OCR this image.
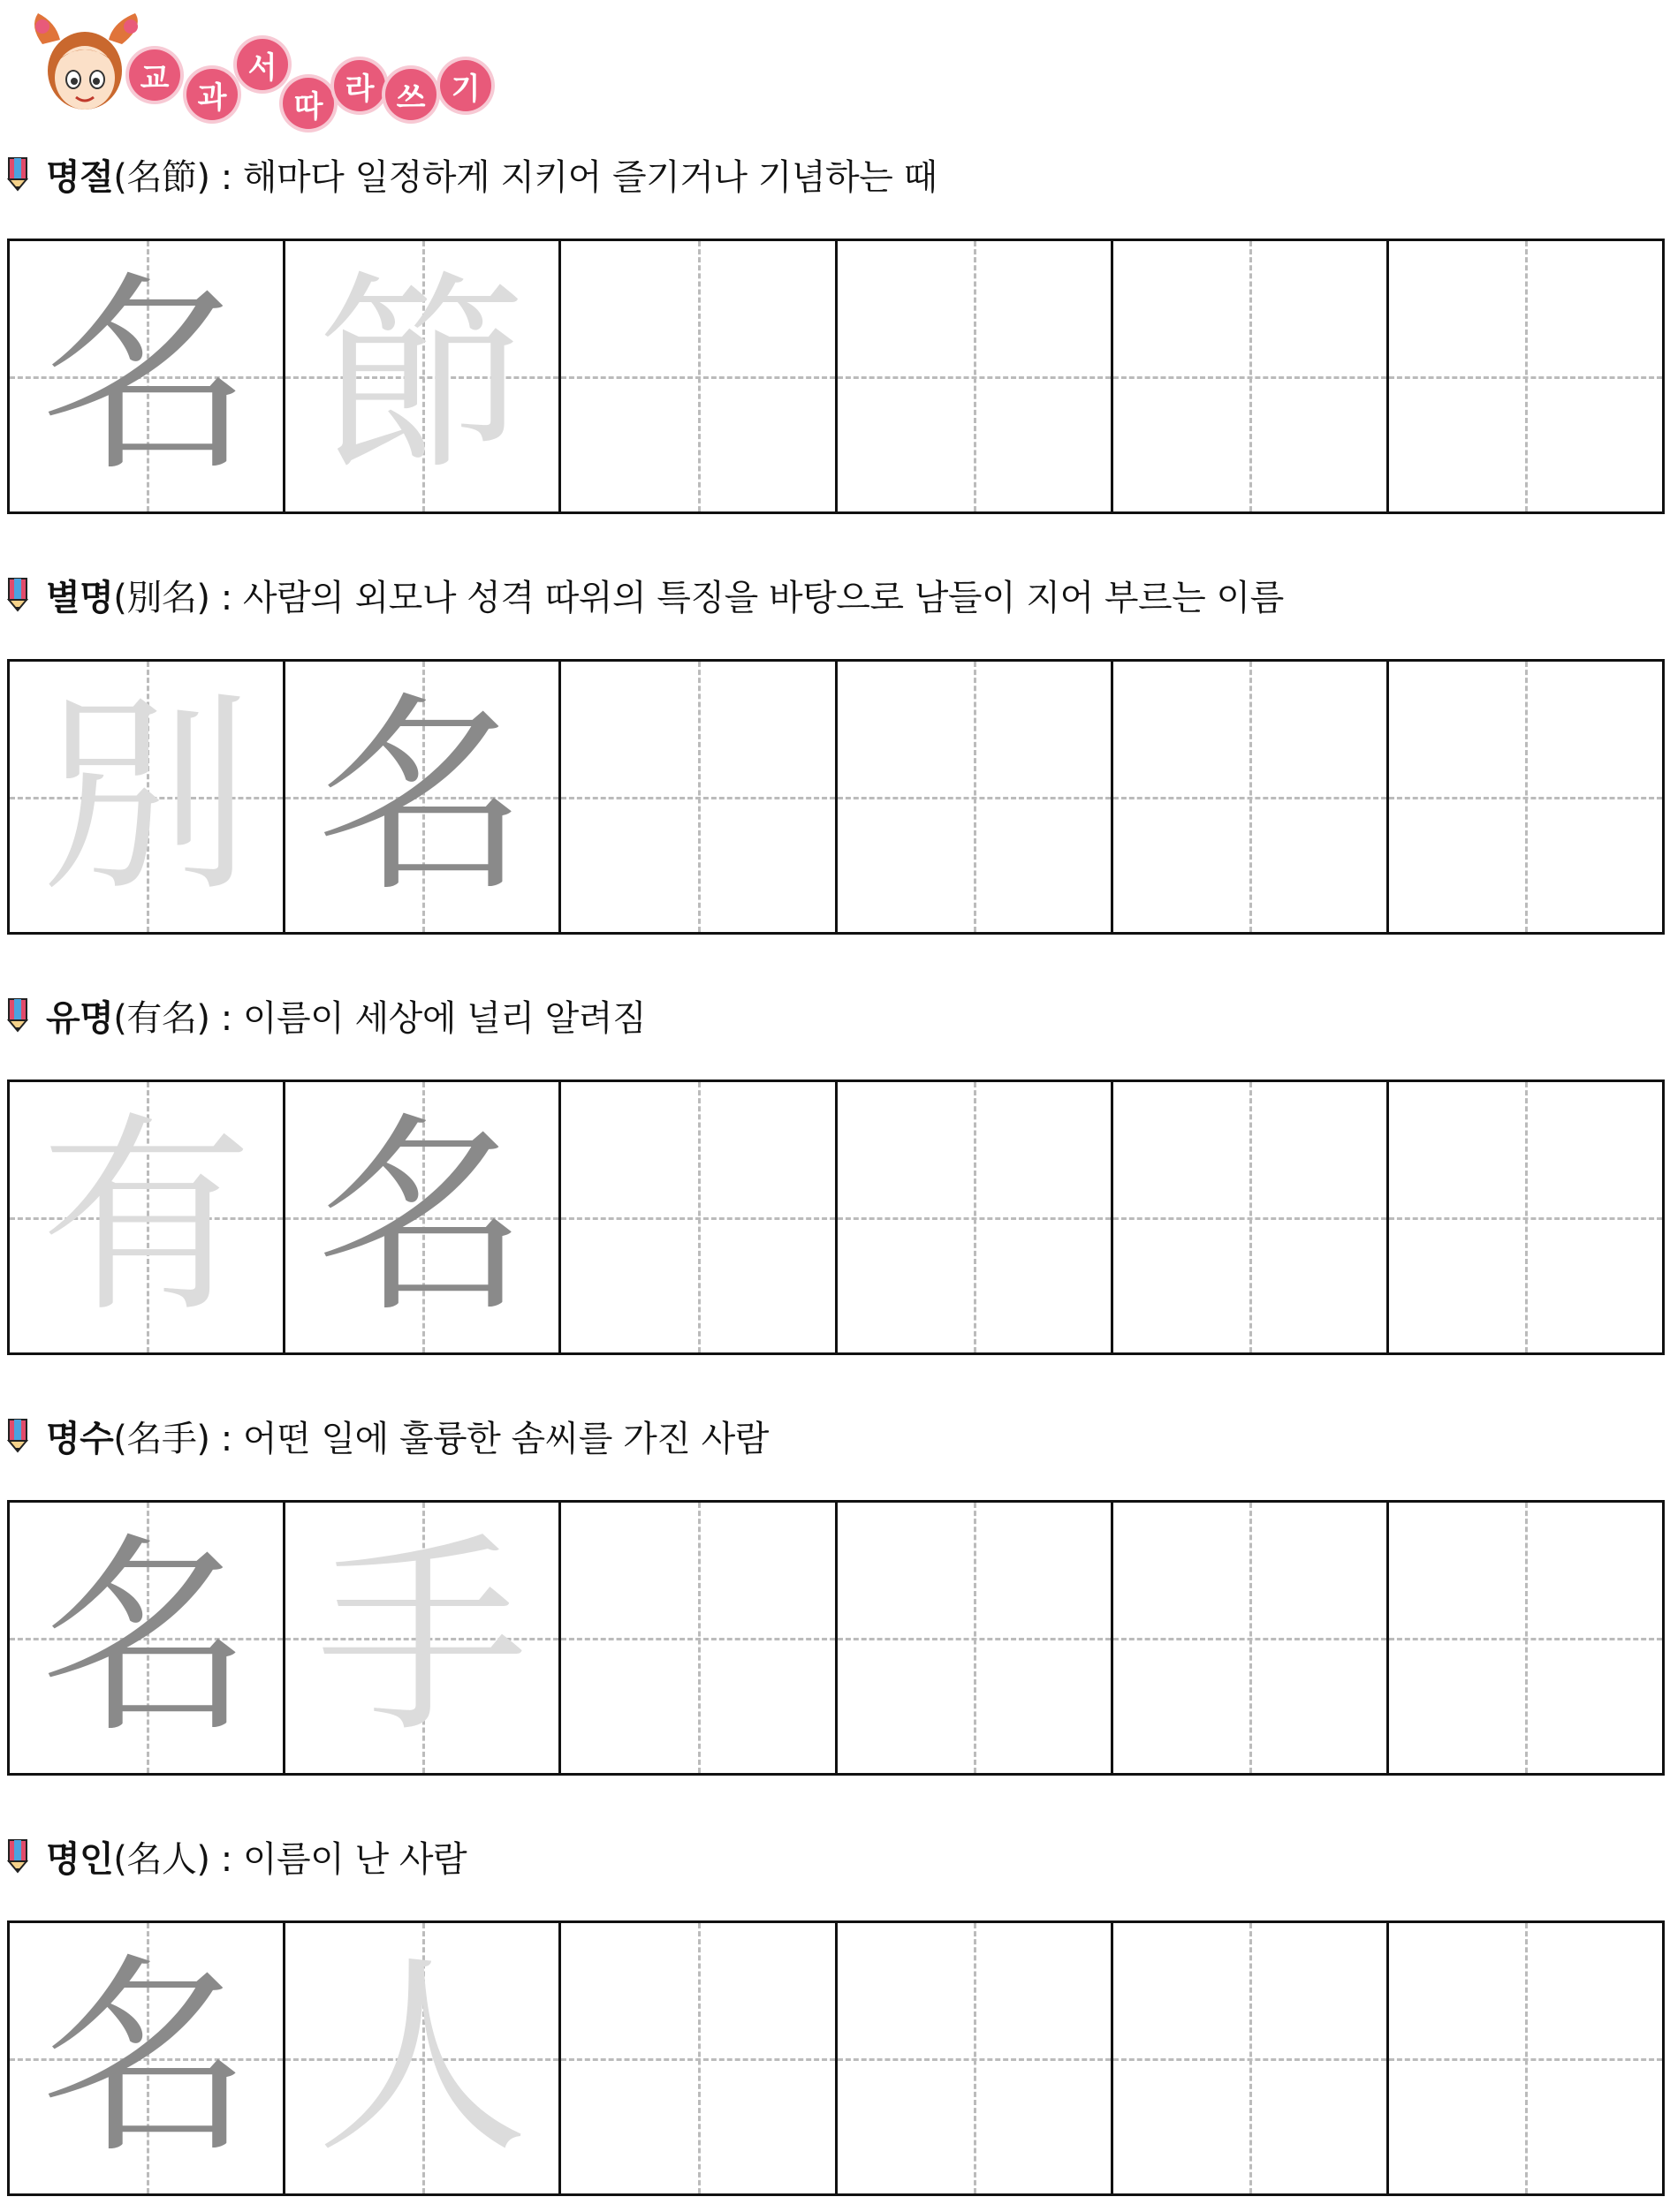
교
과
서
따 라 쓰 기
명절(名節) : 해마다 일정하게 지키어 즐기거나 기념하는 때
名 節
별명(別名) : 사람의 외모나 성격 따위의 특징을 바탕으로 남들이 지어 부르는 이름
別 名
유명(有名) : 이름이 세상에 널리 알려짐
有 名
명수(名手) : 어떤 일에 훌륭한 솜씨를 가진 사람
名 手
명인(名人) : 이름이 난 사람
名 人
